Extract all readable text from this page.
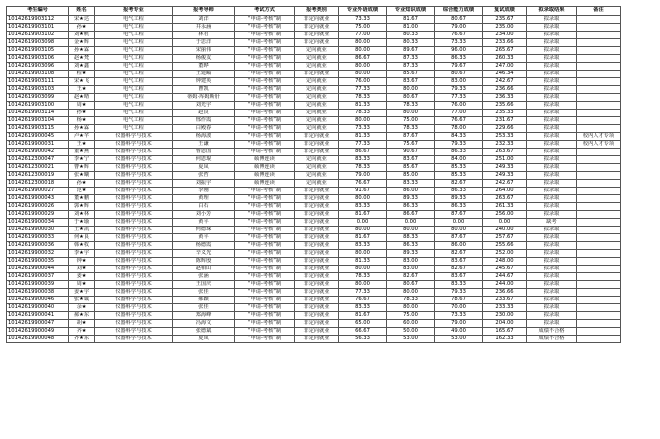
考生编号	姓名	报考专业	报考导师	考试方式	报考类别	专业外语成绩	专业知识成绩	综合能力成绩	复试成绩	拟录取结果	备注
10142619903112	宋★达	电气工程	刘洋	“申请-考核”制	非定向就业	73.33	81.67	80.67	235.67	拟录取	
10142619903101	孙★	电气工程	井永涵	“申请-考核”制	非定向就业	75.00	81.00	79.00	235.00	拟录取	
10142619903102	刘★帆	电气工程	林君	“申请-考核”制	非定向就业	77.00	80.33	76.67	234.00	拟录取	
10142619903098	金★辉	电气工程	于思洋	“申请-考核”制	非定向就业	80.00	80.33	73.33	233.66	拟录取	
10142619903105	孙★霖	电气工程	宋丽伟	“申请-考核”制	定向就业	80.00	89.67	96.00	265.67	拟录取	
10142619903106	赵★梵	电气工程	杨俊友	“申请-考核”制	定向就业	86.67	87.33	86.33	260.33	拟录取	
10142619903096	刘★鑫	电气工程	董晔	“申请-考核”制	定向就业	80.00	87.33	79.67	247.00	拟录取	
10142619903108	程★	电气工程	王建赜	“申请-考核”制	非定向就业	80.00	85.67	80.67	246.34	拟录取	
10142619903111	宋★飞	电气工程	钟建英	“申请-考核”制	定向就业	76.00	83.67	83.00	242.67	拟录取	
10142619903103	王★	电气工程	曹凯	“申请-考核”制	定向就业	77.33	80.00	79.33	236.66	拟录取	
10142619903099	赵★晴	电气工程	蒂姆·库姆斯肝	“申请-考核”制	定向就业	78.33	80.67	77.33	236.33	拟录取	
10142619903100	周★	电气工程	刘光宇	“申请-考核”制	定向就业	81.33	78.33	76.00	235.66	拟录取	
10142619903114	孙★	电气工程	赵良	“申请-考核”制	定向就业	78.33	80.00	77.00	235.33	拟录取	
10142619903104	杨★	电气工程	邢作霞	“申请-考核”制	定向就业	80.00	75.00	76.67	231.67	拟录取	
10142619903115	孙★霖	电气工程	白殿春	“申请-考核”制	定向就业	73.33	78.33	78.00	229.66	拟录取	
10142619900045	卢★芊	仪器科学与技术	杨海波	“申请-考核”制	非定向就业	81.33	87.67	84.33	253.33	拟录取	校内人才专项
10142619900031	王★	仪器科学与技术	王谦	“申请-考核”制	非定向就业	77.33	75.67	79.33	232.33	拟录取	校内人才专项
10142619900042	董★燕	仪器科学与技术	曹恩国	“申请-考核”制	非定向就业	86.67	90.67	86.33	263.67	拟录取	
10142612300047	李★宁	仪器科学与技术	何恩琨	硕博连读	定向就业	83.33	83.67	84.00	251.00	拟录取	
10142612300021	曹★辉	仪器科学与技术	夏凤	硕博连读	定向就业	78.33	85.67	85.33	249.33	拟录取	
10142612300019	张★曦	仪器科学与技术	张哲	硕博连读	定向就业	79.00	85.00	85.33	249.33	拟录取	
10142612300018	孙★	仪器科学与技术	刘振宇	硕博连读	定向就业	76.67	83.33	82.67	242.67	拟录取	
10142619900027	范★	仪器科学与技术	李刚	“申请-考核”制	非定向就业	91.67	86.00	86.33	264.00	拟录取	
10142619900043	董★鹏	仪器科学与技术	黄理	“申请-考核”制	非定向就业	80.00	89.33	89.33	263.67	拟录取	
10142619900026	郭★辉	仪器科学与技术	白石	“申请-考核”制	非定向就业	83.33	86.33	86.33	261.33	拟录取	
10142619900029	刘★林	仪器科学与技术	刘小芳	“申请-考核”制	非定向就业	81.67	86.67	87.67	256.00	拟录取	
10142619900034	于★瑜	仪器科学与技术	黄平	“申请-考核”制	非定向就业	0.00	0.00	0.00	0.00	缺考	
10142619900030	王★凯	仪器科学与技术	何德琛	“申请-考核”制	非定向就业	80.00	80.00	80.00	240.00	拟录取	
10142619900033	何★良	仪器科学与技术	黄平	“申请-考核”制	非定向就业	81.67	88.33	87.67	257.67	拟录取	
10142619900036	韩★枚	仪器科学与技术	杨德霞	“申请-考核”制	非定向就业	83.33	86.33	86.00	255.66	拟录取	
10142619900032	李★宇	仪器科学与技术	辛义光	“申请-考核”制	非定向就业	80.00	89.33	82.67	252.00	拟录取	
10142619900035	钟★	仪器科学与技术	陈辉殷	“申请-考核”制	非定向就业	81.33	83.00	83.67	248.00	拟录取	
10142619900044	刘★	仪器科学与技术	赵相山	“申请-考核”制	非定向就业	80.00	83.00	82.67	245.67	拟录取	
10142619900037	姜★	仪器科学与技术	张涵	“申请-考核”制	非定向就业	78.33	82.67	83.67	244.67	拟录取	
10142619900039	周★	仪器科学与技术	王国庆	“申请-考核”制	非定向就业	80.00	80.67	83.33	244.00	拟录取	
10142619900038	姜★宇	仪器科学与技术	张佳	“申请-考核”制	非定向就业	77.33	80.00	79.33	236.66	拟录取	
10142619900046	张★诚	仪器科学与技术	郝颖	“申请-考核”制	非定向就业	76.67	78.33	78.67	233.67	拟录取	
10142619900040	余★	仪器科学与技术	张佳	“申请-考核”制	非定向就业	83.33	80.00	70.00	233.33	拟录取	
10142619900041	郝★东	仪器科学与技术	郑海峰	“申请-考核”制	非定向就业	81.67	75.00	73.33	230.00	拟录取	
10142619900047	胡★	仪器科学与技术	冯海文	“申请-考核”制	非定向就业	65.00	60.00	79.00	204.00	拟录取	
10142619900049	齐★	仪器科学与技术	张德斌	“申请-考核”制	非定向就业	66.67	50.00	49.00	165.67	成绩不合格	
10142619900048	齐★东	仪器科学与技术	夏凤	“申请-考核”制	非定向就业	56.33	53.00	53.00	162.33	成绩不合格	
